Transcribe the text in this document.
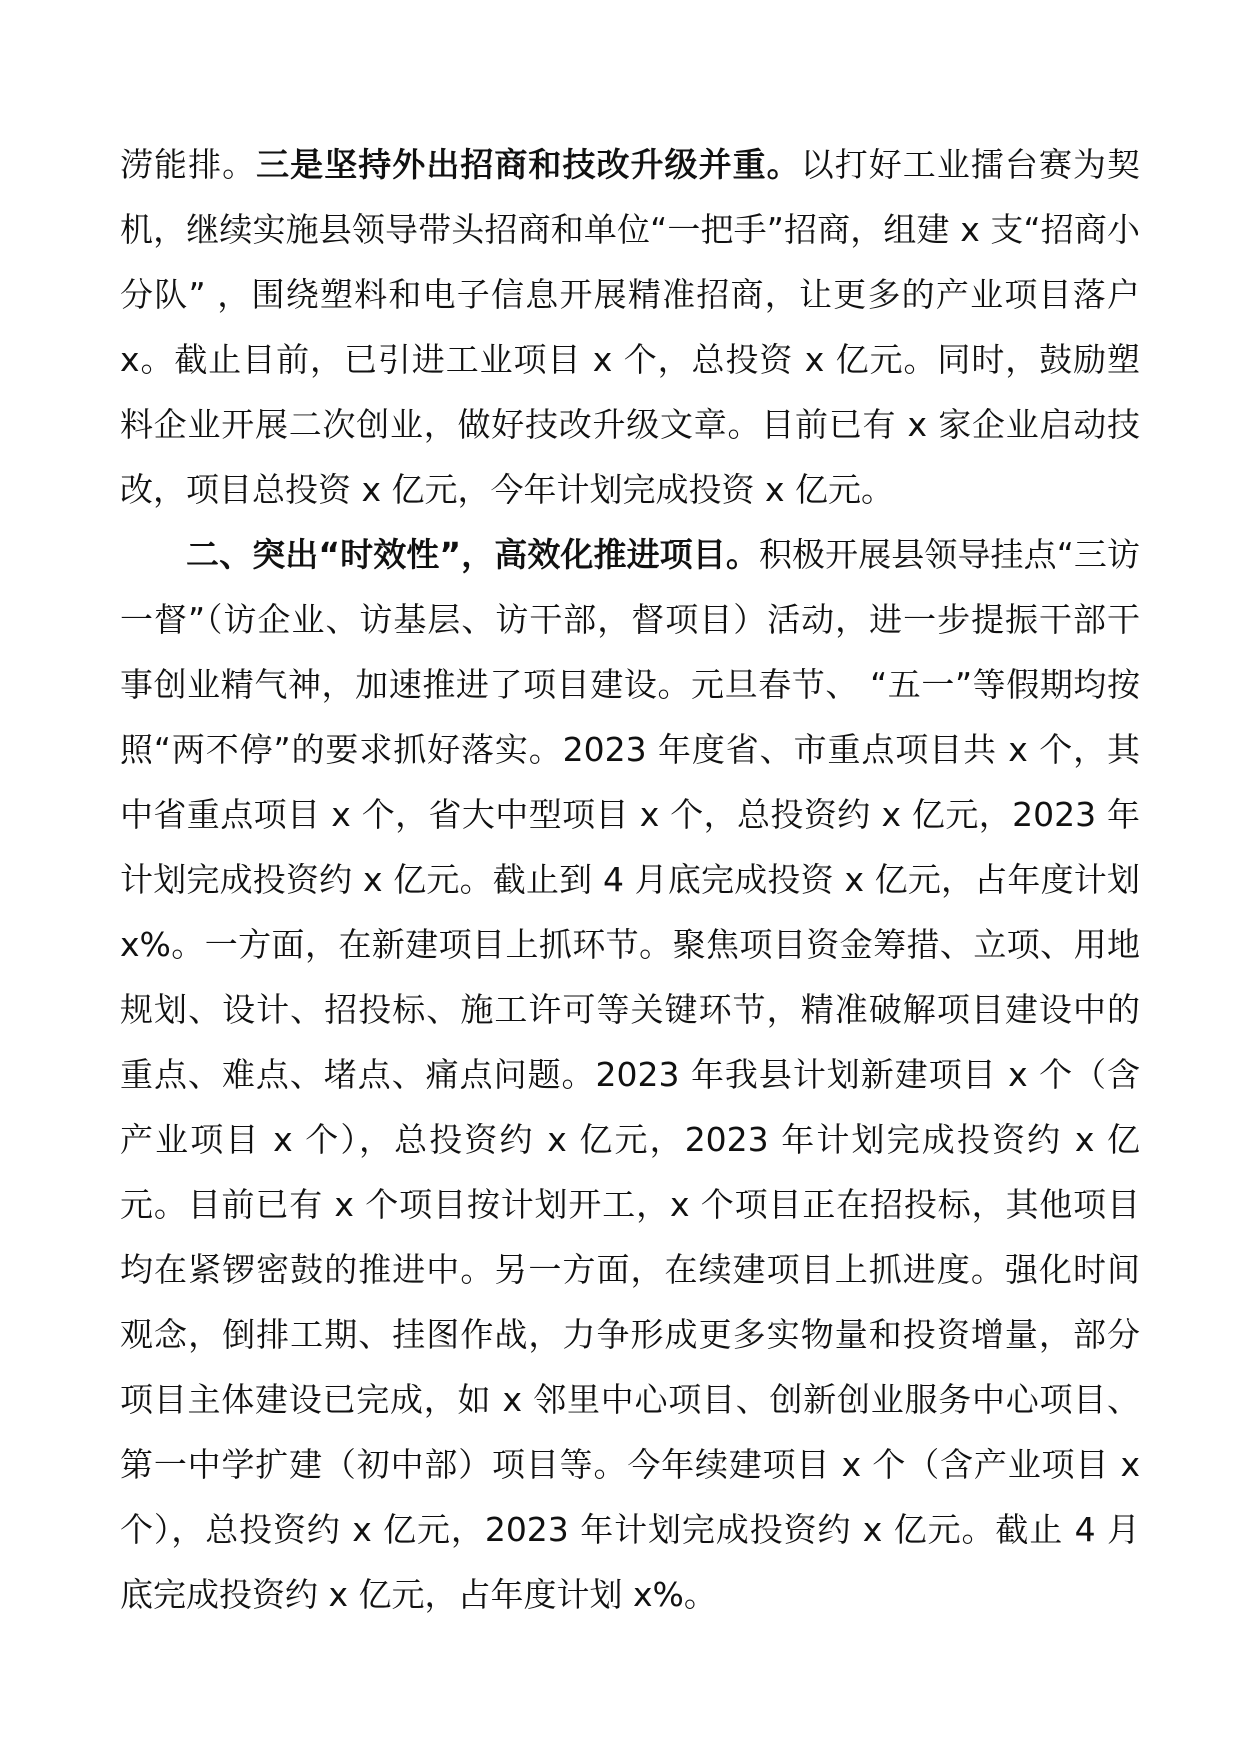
涝能排。三是坚持外出招商和技改升级并重。以打好工业擂台赛为契机，继续实施县领导带头招商和单位“一把手”招商，组建 x 支“招商小分队” ，围绕塑料和电子信息开展精准招商，让更多的产业项目落户 x。截止目前，已引进工业项目 x 个，总投资 x 亿元。同时，鼓励塑料企业开展二次创业，做好技改升级文章。目前已有 x 家企业启动技改，项目总投资 x 亿元，今年计划完成投资 x 亿元。

二、突出“时效性”，高效化推进项目。积极开展县领导挂点“三访一督”（访企业、访基层、访干部，督项目）活动，进一步提振干部干事创业精气神，加速推进了项目建设。元旦春节、 “五一”等假期均按照“两不停”的要求抓好落实。2023 年度省、市重点项目共 x 个，其中省重点项目 x 个，省大中型项目 x 个，总投资约 x 亿元，2023 年计划完成投资约 x 亿元。截止到 4 月底完成投资 x 亿元，占年度计划 x%。一方面，在新建项目上抓环节。聚焦项目资金筹措、立项、用地规划、设计、招投标、施工许可等关键环节，精准破解项目建设中的重点、难点、堵点、痛点问题。2023 年我县计划新建项目 x 个（含产业项目 x 个），总投资约 x 亿元，2023 年计划完成投资约 x 亿元。目前已有 x 个项目按计划开工，x 个项目正在招投标，其他项目均在紧锣密鼓的推进中。另一方面，在续建项目上抓进度。强化时间观念，倒排工期、挂图作战，力争形成更多实物量和投资增量，部分项目主体建设已完成，如 x 邻里中心项目、创新创业服务中心项目、第一中学扩建（初中部）项目等。今年续建项目 x 个（含产业项目 x 个），总投资约 x 亿元，2023 年计划完成投资约 x 亿元。截止 4 月底完成投资约 x 亿元，占年度计划 x%。
